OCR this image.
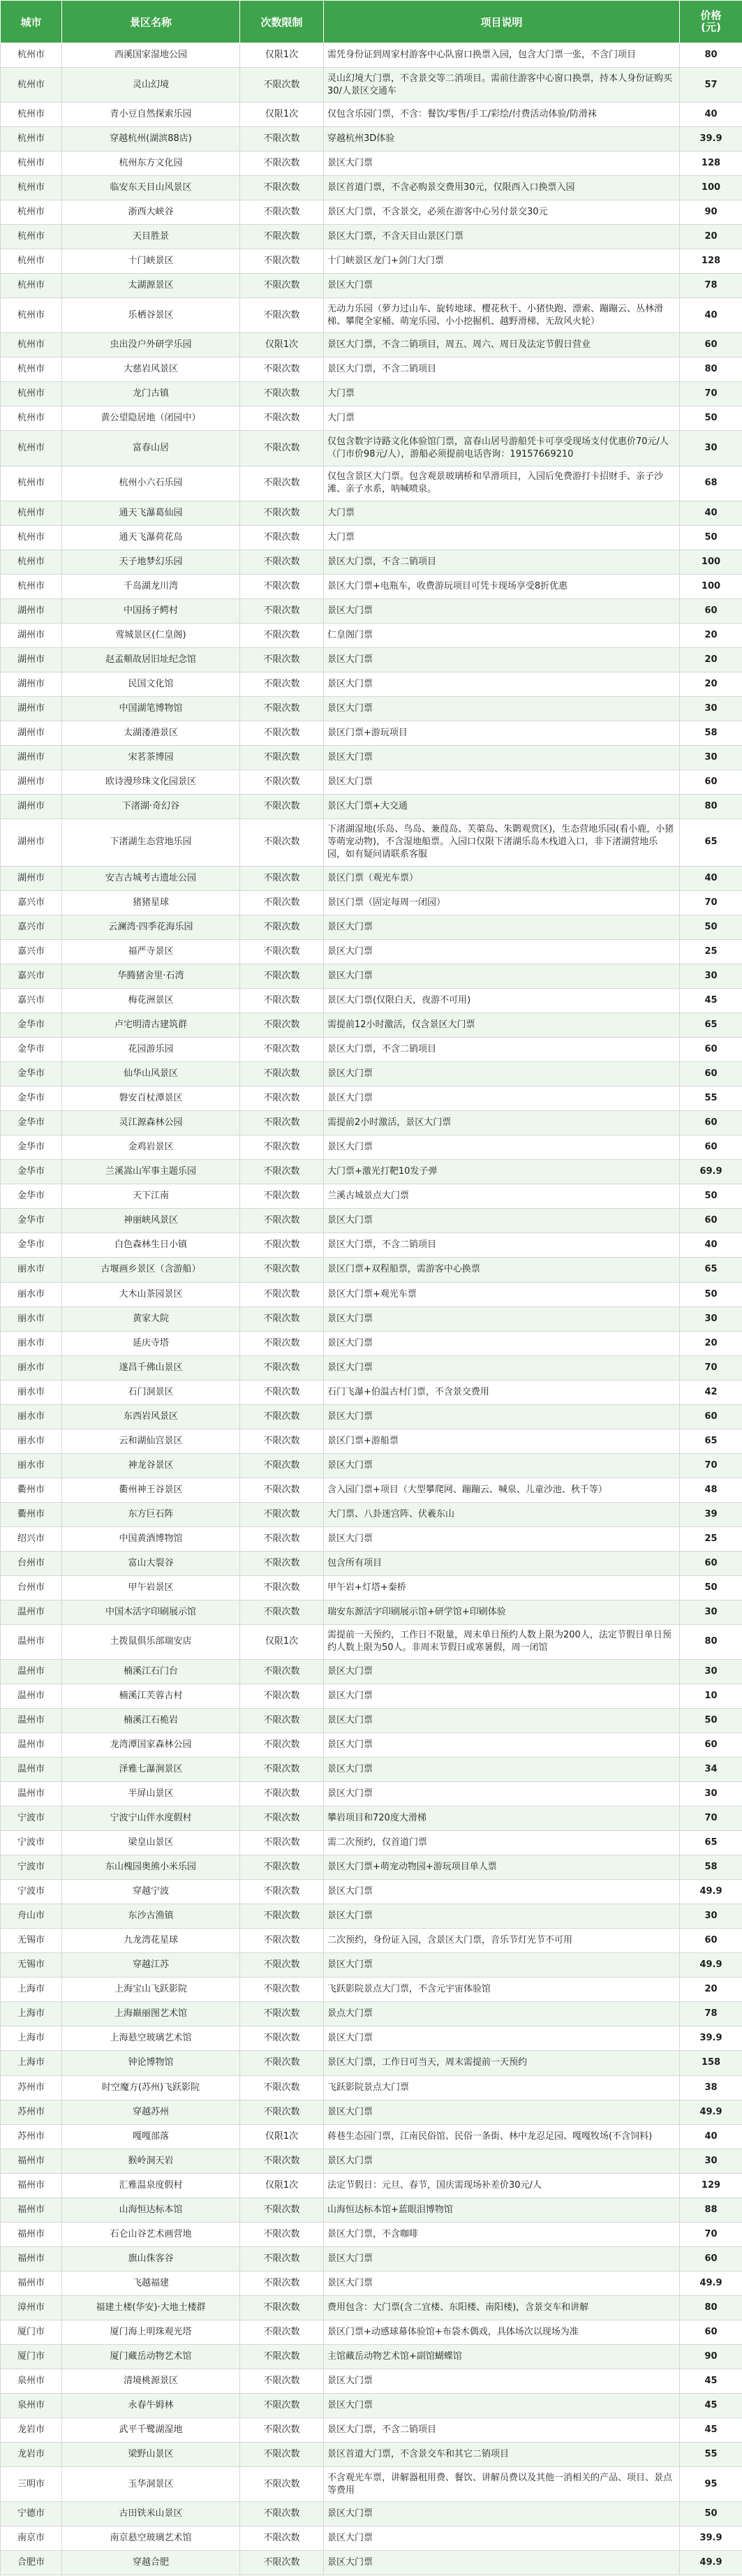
城市	景区名称	次数限制	项目说明	价格
(元)
杭州市	西溪国家湿地公园	仅限1次	需凭身份证到周家村游客中心队窗口换票入园，包含大门票一张，不含门项目	80
杭州市	灵山幻境	不限次数	灵山幻境大门票，不含景交等二消项目。需前往游客中心窗口换票，持本人身份证购买30/人景区交通车	57
杭州市	青小豆自然探索乐园	仅限1次	仅包含乐园门票，不含：餐饮/零售/手工/彩绘/付费活动体验/防滑袜	40
杭州市	穿越杭州(湖滨88店)	不限次数	穿越杭州3D体验	39.9
杭州市	杭州东方文化园	不限次数	景区大门票	128
杭州市	临安东天目山风景区	不限次数	景区首道门票，不含必购景交费用30元，仅限西入口换票入园	100
杭州市	浙西大峡谷	不限次数	景区大门票，不含景交，必须在游客中心另付景交30元	90
杭州市	天目胜景	不限次数	景区大门票，不含天目山景区门票	20
杭州市	十门峡景区	不限次数	十门峡景区龙门+剑门大门票	128
杭州市	太湖源景区	不限次数	景区大门票	78
杭州市	乐栖谷景区	不限次数	无动力乐园（萝力过山车、旋转地球、樱花秋千、小猪快跑、漂索、蹦蹦云、丛林滑梯、攀爬全家桶、萌宠乐园、小小挖掘机、越野滑梯、无敌风火轮）	40
杭州市	虫出没户外研学乐园	仅限1次	景区大门票，不含二销项目，周五、周六、周日及法定节假日营业	60
杭州市	大慈岩风景区	不限次数	景区大门票，不含二销项目	80
杭州市	龙门古镇	不限次数	大门票	70
杭州市	黄公望隐居地（闭园中）	不限次数	大门票	50
杭州市	富春山居	不限次数	仅包含数字诗路文化体验馆门票，富春山居号游船凭卡可享受现场支付优惠价70元/人（门市价98元/人），游船必须提前电话咨询：19157669210	30
杭州市	杭州小六石乐园	不限次数	仅包含景区大门票。包含观景玻璃桥和旱滑项目，入园后免费游打卡招财手、亲子沙滩、亲子水系，呐喊喷泉。	68
杭州市	通天飞瀑葛仙园	不限次数	大门票	40
杭州市	通天飞瀑荷花岛	不限次数	大门票	50
杭州市	天子地梦幻乐园	不限次数	景区大门票，不含二销项目	100
杭州市	千岛湖龙川湾	不限次数	景区大门票+电瓶车，收费游玩项目可凭卡现场享受8折优惠	100
湖州市	中国扬子鳄村	不限次数	景区大门票	60
湖州市	莺城景区(仁皇阁)	不限次数	仁皇阁门票	20
湖州市	赵孟頫故居旧址纪念馆	不限次数	景区大门票	20
湖州市	民国文化馆	不限次数	景区大门票	20
湖州市	中国湖笔博物馆	不限次数	景区大门票	30
湖州市	太湖溇港景区	不限次数	景区门票+游玩项目	58
湖州市	宋茗茶博园	不限次数	景区大门票	30
湖州市	欧诗漫珍珠文化园景区	不限次数	景区大门票	60
湖州市	下渚湖·奇幻谷	不限次数	景区大门票+大交通	80
湖州市	下渚湖生态营地乐园	不限次数	下渚湖湿地(乐岛、鸟岛、兼葭岛、芙蕖岛、朱鹮观赏区)，生态营地乐园(看小鹿，小猪等萌宠动物)，不含湿地船票。入园口仅限下渚湖乐岛木栈道入口，非下渚湖营地乐园，如有疑问请联系客服	65
湖州市	安吉古城考古遗址公园	不限次数	景区门票（观光车票）	40
嘉兴市	猪猪星球	不限次数	景区门票（固定每周一闭园）	70
嘉兴市	云澜湾·四季花海乐园	不限次数	景区大门票	50
嘉兴市	福严寺景区	不限次数	景区大门票	25
嘉兴市	华腾猪舍里·石湾	不限次数	景区大门票	30
嘉兴市	梅花洲景区	不限次数	景区大门票(仅限白天，夜游不可用)	45
金华市	卢宅明清古建筑群	不限次数	需提前12小时激活，仅含景区大门票	65
金华市	花园游乐园	不限次数	景区大门票，不含二销项目	60
金华市	仙华山风景区	不限次数	景区大门票	60
金华市	磐安百杖潭景区	不限次数	景区大门票	55
金华市	灵江源森林公园	不限次数	需提前2小时激活，景区大门票	60
金华市	金鸡岩景区	不限次数	景区大门票	60
金华市	兰溪嵩山军事主题乐园	不限次数	大门票+激光打靶10发子弹	69.9
金华市	天下江南	不限次数	兰溪古城景点大门票	50
金华市	神丽峡风景区	不限次数	景区大门票	60
金华市	白色森林生日小镇	不限次数	景区大门票，不含二销项目	40
丽水市	古堰画乡景区（含游船）	不限次数	景区门票+双程船票，需游客中心换票	65
丽水市	大木山茶园景区	不限次数	景区大门票+观光车票	50
丽水市	黄家大院	不限次数	景区大门票	30
丽水市	延庆寺塔	不限次数	景区大门票	20
丽水市	遂昌千佛山景区	不限次数	景区大门票	70
丽水市	石门洞景区	不限次数	石门飞瀑+伯温古村门票，不含景交费用	42
丽水市	东西岩风景区	不限次数	景区大门票	60
丽水市	云和湖仙宫景区	不限次数	景区门票+游船票	65
丽水市	神龙谷景区	不限次数	景区大门票	70
衢州市	衢州神王谷景区	不限次数	含入园门票+项目（大型攀爬网、蹦蹦云、喊泉、儿童沙池、秋千等）	48
衢州市	东方巨石阵	不限次数	大门票、八卦迷宫阵、伏羲东山	39
绍兴市	中国黄酒博物馆	不限次数	景区大门票	25
台州市	富山大裂谷	不限次数	包含所有项目	60
台州市	甲午岩景区	不限次数	甲午岩+灯塔+秦桥	50
温州市	中国木活字印刷展示馆	不限次数	瑞安东源活字印刷展示馆+研学馆+印刷体验	30
温州市	土拨鼠俱乐部瑞安店	仅限1次	需提前一天预约，工作日不限量，周末单日预约人数上限为200人，法定节假日单日预约人数上限为50人。非周末节假日或寒暑假，周一闭馆	80
温州市	楠溪江石门台	不限次数	景区大门票	30
温州市	楠溪江芙蓉古村	不限次数	景区大门票	10
温州市	楠溪江石桅岩	不限次数	景区大门票	50
温州市	龙湾潭国家森林公园	不限次数	景区大门票	60
温州市	泽雅七瀑涧景区	不限次数	景区大门票	34
温州市	半屏山景区	不限次数	景区大门票	30
宁波市	宁波宁山伴水度假村	不限次数	攀岩项目和720度大滑梯	70
宁波市	梁皇山景区	不限次数	需二次预约，仅首道门票	65
宁波市	东山槐园奥熊小米乐园	不限次数	景区大门票+萌宠动物园+游玩项目单人票	58
宁波市	穿越宁波	不限次数	景区大门票	49.9
舟山市	东沙古渔镇	不限次数	景区大门票	30
无锡市	九龙湾花星球	不限次数	二次预约，身份证入园，含景区大门票，音乐节灯光节不可用	60
无锡市	穿越江苏	不限次数	景区大门票	49.9
上海市	上海宝山飞跃影院	不限次数	飞跃影院景点大门票，不含元宇宙体验馆	20
上海市	上海巅丽图艺术馆	不限次数	景点大门票	78
上海市	上海悬空玻璃艺术馆	不限次数	景区大门票	39.9
上海市	钟论博物馆	不限次数	景区大门票，工作日可当天，周末需提前一天预约	158
苏州市	时空魔方(苏州)飞跃影院	不限次数	飞跃影院景点大门票	38
苏州市	穿越苏州	不限次数	景区大门票	49.9
苏州市	嘎嘎部落	仅限1次	蒋巷生态园门票，江南民俗馆、民俗一条街、林中龙忍足园、嘎嘎牧场(不含饲料)	40
福州市	猴岭洞天岩	不限次数	景区大门票	30
福州市	汇雅温泉度假村	仅限1次	法定节假日：元旦、春节，国庆需现场补差价30元/人	129
福州市	山海恒达标本馆	不限次数	山海恒达标本馆+蓝眼泪博物馆	88
福州市	石仑山谷艺术画营地	不限次数	景区大门票，不含咖啡	70
福州市	旗山侏客谷	不限次数	景区大门票	60
福州市	飞越福建	不限次数	景区大门票	49.9
漳州市	福建土楼(华安)·大地土楼群	不限次数	费用包含：大门票(含二宜楼、东阳楼、南阳楼)，含景交车和讲解	80
厦门市	厦门海上明珠观光塔	不限次数	景区门票+动感球幕体验馆+布袋木偶戏，具体场次以现场为准	60
厦门市	厦门藏岳动物艺术馆	不限次数	主馆藏岳动物艺术馆+副馆蝴蝶馆	90
泉州市	清境桃源景区	不限次数	景区大门票	45
泉州市	永春牛姆林	不限次数	景区大门票	45
龙岩市	武平千鹭湖湿地	不限次数	景区大门票，不含二销项目	45
龙岩市	梁野山景区	不限次数	景区首道大门票，不含景交车和其它二销项目	55
三明市	玉华洞景区	不限次数	不含观光车票，讲解器租用费、餐饮、讲解员费以及其他一消相关的产品、项目、景点等费用	95
宁德市	古田铁米山景区	不限次数	景区大门票	50
南京市	南京悬空玻璃艺术馆	不限次数	景区大门票	39.9
合肥市	穿越合肥	不限次数	景区大门票	49.9
